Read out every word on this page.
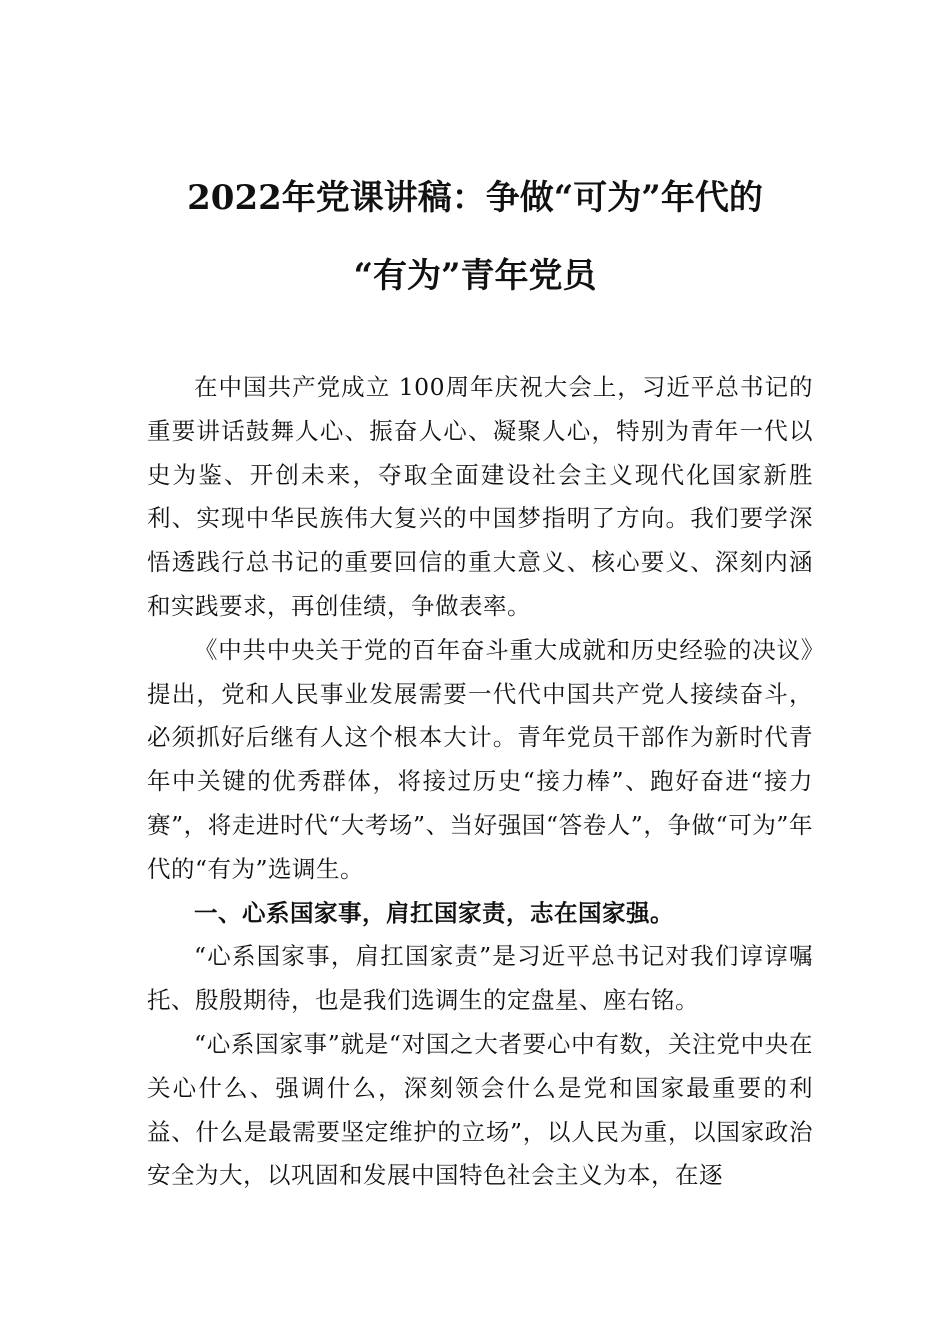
2022年党课讲稿：争做“可为”年代的
“有为”青年党员

在中国共产党成立 100周年庆祝大会上，习近平总书记的重要讲话鼓舞人心、振奋人心、凝聚人心，特别为青年一代以史为鉴、开创未来，夺取全面建设社会主义现代化国家新胜利、实现中华民族伟大复兴的中国梦指明了方向。我们要学深悟透践行总书记的重要回信的重大意义、核心要义、深刻内涵和实践要求，再创佳绩，争做表率。

《中共中央关于党的百年奋斗重大成就和历史经验的决议》提出，党和人民事业发展需要一代代中国共产党人接续奋斗，必须抓好后继有人这个根本大计。青年党员干部作为新时代青年中关键的优秀群体，将接过历史“接力棒”、跑好奋进“接力赛”，将走进时代“大考场”、当好强国“答卷人”，争做“可为”年代的“有为”选调生。

一、心系国家事，肩扛国家责，志在国家强。

“心系国家事，肩扛国家责”是习近平总书记对我们谆谆嘱托、殷殷期待，也是我们选调生的定盘星、座右铭。

“心系国家事”就是“对国之大者要心中有数，关注党中央在关心什么、强调什么，深刻领会什么是党和国家最重要的利益、什么是最需要坚定维护的立场”，以人民为重，以国家政治安全为大，以巩固和发展中国特色社会主义为本，在逐
